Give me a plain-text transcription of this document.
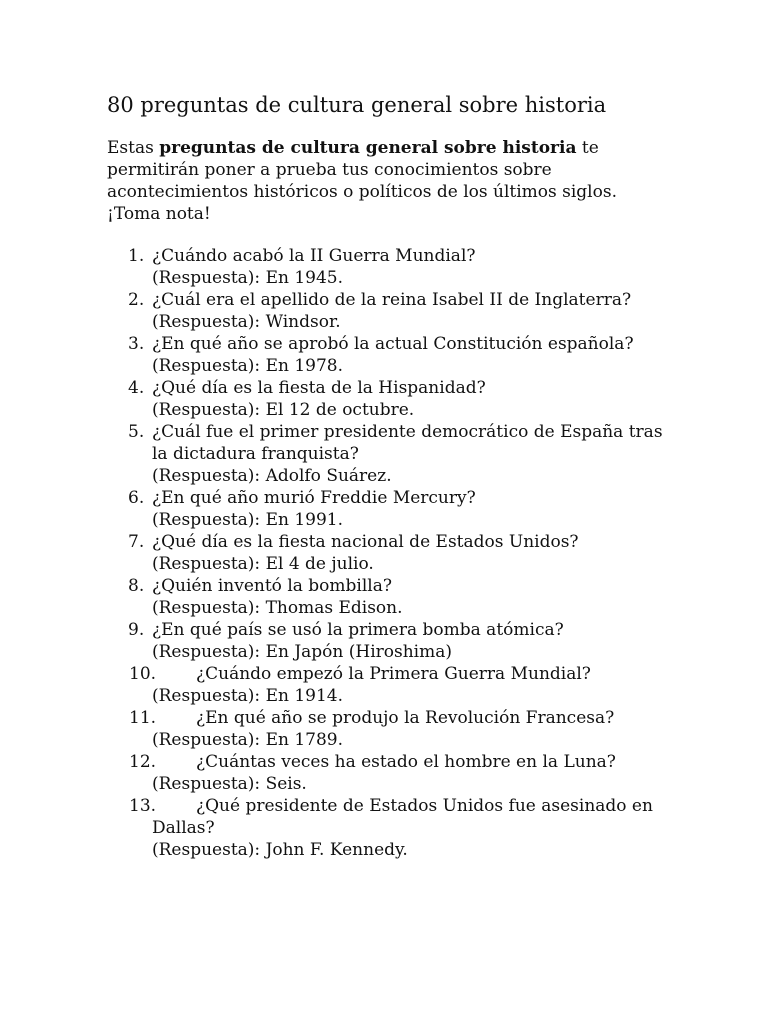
80 preguntas de cultura general sobre historia

Estas preguntas de cultura general sobre historia te permitirán poner a prueba tus conocimientos sobre acontecimientos históricos o políticos de los últimos siglos. ¡Toma nota!

1. ¿Cuándo acabó la II Guerra Mundial?
(Respuesta): En 1945.
2. ¿Cuál era el apellido de la reina Isabel II de Inglaterra?
(Respuesta): Windsor.
3. ¿En qué año se aprobó la actual Constitución española?
(Respuesta): En 1978.
4. ¿Qué día es la fiesta de la Hispanidad?
(Respuesta): El 12 de octubre.
5. ¿Cuál fue el primer presidente democrático de España tras la dictadura franquista?
(Respuesta): Adolfo Suárez.
6. ¿En qué año murió Freddie Mercury?
(Respuesta): En 1991.
7. ¿Qué día es la fiesta nacional de Estados Unidos?
(Respuesta): El 4 de julio.
8. ¿Quién inventó la bombilla?
(Respuesta): Thomas Edison.
9. ¿En qué país se usó la primera bomba atómica?
(Respuesta): En Japón (Hiroshima)
10. ¿Cuándo empezó la Primera Guerra Mundial?
(Respuesta): En 1914.
11. ¿En qué año se produjo la Revolución Francesa?
(Respuesta): En 1789.
12. ¿Cuántas veces ha estado el hombre en la Luna?
(Respuesta): Seis.
13. ¿Qué presidente de Estados Unidos fue asesinado en Dallas?
(Respuesta): John F. Kennedy.
